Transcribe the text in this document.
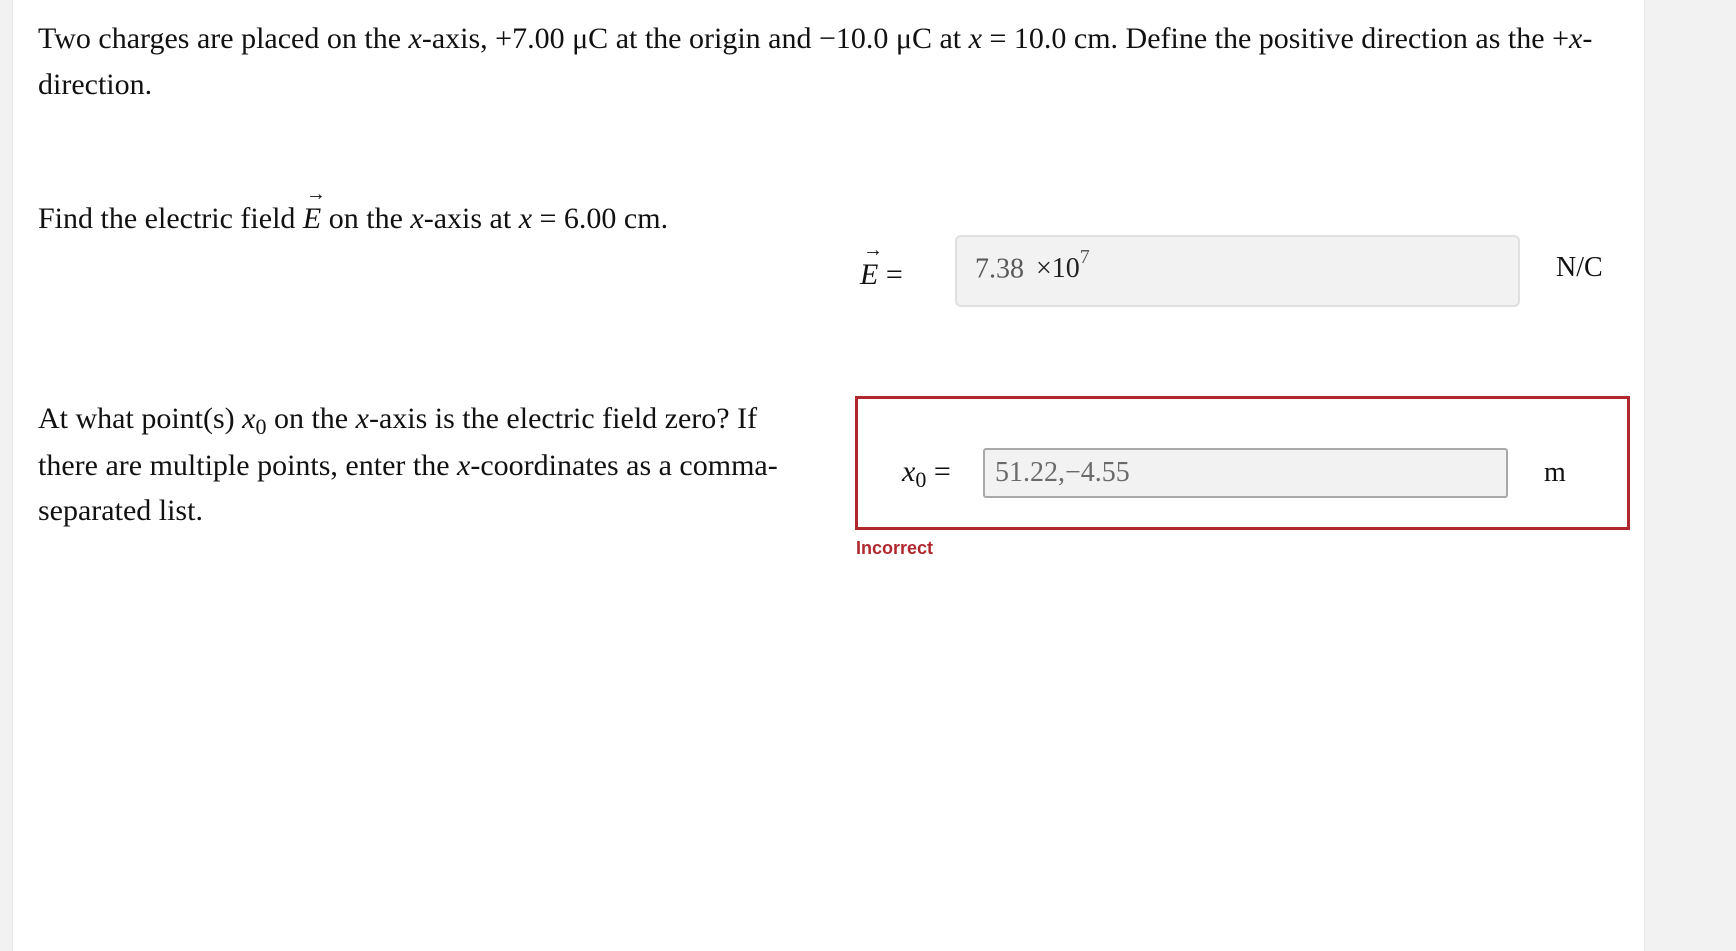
Two charges are placed on the x-axis, +7.00 μC at the origin and −10.0 μC at x = 10.0 cm. Define the positive direction as the +x-direction.

Find the electric field
→
E on the x-axis at x = 6.00 cm.

→
E =	$7.38 \times 10^7$	N/C

At what point(s) $x_0$ on the x-axis is the electric field zero? If there are multiple points, enter the x-coordinates as a comma-separated list.

$x_0$ =
51.22,−4.55	m
Incorrect
